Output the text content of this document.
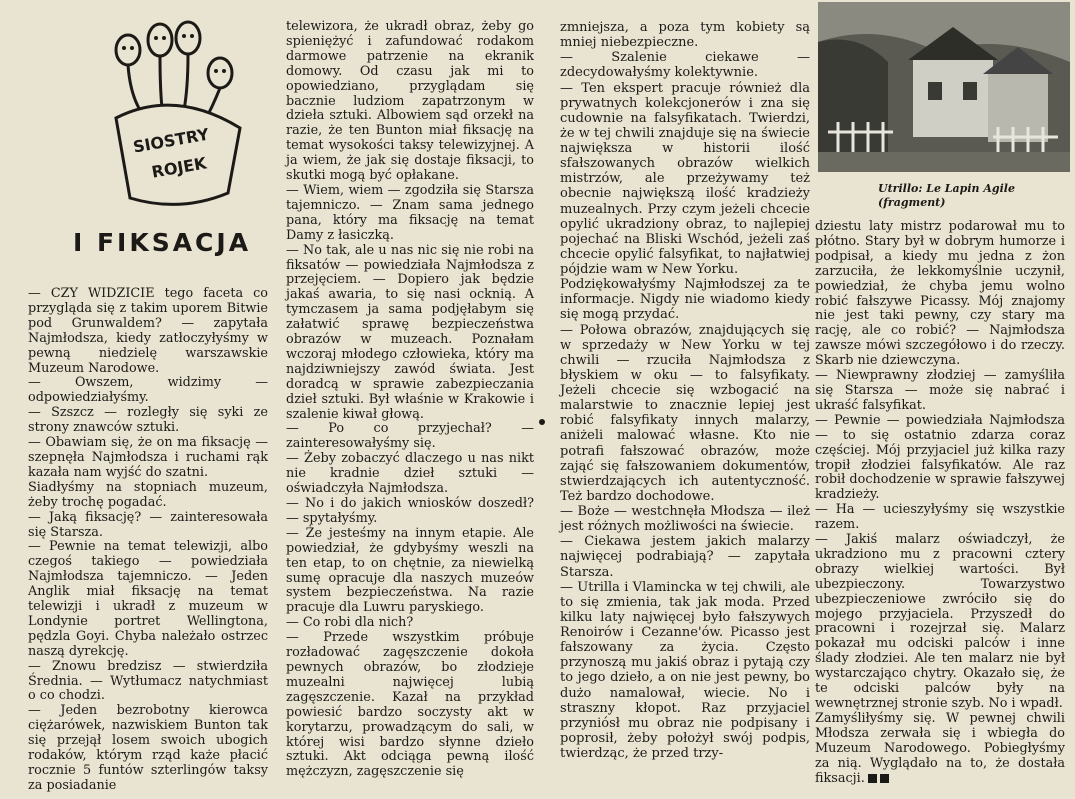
SIOSTRY
ROJEK
I FIKSACJA
Utrillo: Le Lapin Agile (fragment)

— CZY WIDZICIE tego faceta co przygląda się z takim uporem Bitwie pod Grunwaldem? — zapytała Najmłodsza, kiedy zatłoczyłyśmy w pewną niedzielę warszawskie Muzeum Narodowe.

— Owszem, widzimy — odpowiedziałyśmy.

— Szszcz — rozległy się syki ze strony znawców sztuki.

— Obawiam się, że on ma fiksację — szepnęła Najmłodsza i ruchami rąk kazała nam wyjść do szatni.

Siadłyśmy na stopniach muzeum, żeby trochę pogadać.

— Jaką fiksację? — zainteresowała się Starsza.

— Pewnie na temat telewizji, albo czegoś takiego — powiedziała Najmłodsza tajemniczo. — Jeden Anglik miał fiksację na temat telewizji i ukradł z muzeum w Londynie portret Wellingtona, pędzla Goyi. Chyba należało ostrzec naszą dyrekcję.

— Znowu bredzisz — stwierdziła Średnia. — Wytłumacz natychmiast o co chodzi.

— Jeden bezrobotny kierowca ciężarówek, nazwiskiem Bunton tak się przejął losem swoich ubogich rodaków, którym rząd każe płacić rocznie 5 funtów szterlingów taksy za posiadanie

telewizora, że ukradł obraz, żeby go spieniężyć i zafundować rodakom darmowe patrzenie na ekranik domowy. Od czasu jak mi to opowiedziano, przyglądam się bacznie ludziom zapatrzonym w dzieła sztuki. Albowiem sąd orzekł na razie, że ten Bunton miał fiksację na temat wysokości taksy telewizyjnej. A ja wiem, że jak się dostaje fiksacji, to skutki mogą być opłakane.

— Wiem, wiem — zgodziła się Starsza tajemniczo. — Znam sama jednego pana, który ma fiksację na temat Damy z łasiczką.

— No tak, ale u nas nic się nie robi na fiksatów — powiedziała Najmłodsza z przejęciem. — Dopiero jak będzie jakaś awaria, to się nasi ocknią. A tymczasem ja sama podjęłabym się załatwić sprawę bezpieczeństwa obrazów w muzeach. Poznałam wczoraj młodego człowieka, który ma najdziwniejszy zawód świata. Jest doradcą w sprawie zabezpieczania dzieł sztuki. Był właśnie w Krakowie i szalenie kiwał głową.

— Po co przyjechał? — zainteresowałyśmy się.

— Żeby zobaczyć dlaczego u nas nikt nie kradnie dzieł sztuki — oświadczyła Najmłodsza.

— No i do jakich wniosków doszedł? — spytałyśmy.

— Że jesteśmy na innym etapie. Ale powiedział, że gdybyśmy weszli na ten etap, to on chętnie, za niewielką sumę opracuje dla naszych muzeów system bezpieczeństwa. Na razie pracuje dla Luwru paryskiego.

— Co robi dla nich?

— Przede wszystkim próbuje rozładować zagęszczenie dokoła pewnych obrazów, bo złodzieje muzealni najwięcej lubią zagęszczenie. Kazał na przykład powiesić bardzo soczysty akt w korytarzu, prowadzącym do sali, w której wisi bardzo słynne dzieło sztuki. Akt odciąga pewną ilość mężczyzn, zagęszczenie się

zmniejsza, a poza tym kobiety są mniej niebezpieczne.

— Szalenie ciekawe — zdecydowałyśmy kolektywnie.

— Ten ekspert pracuje również dla prywatnych kolekcjonerów i zna się cudownie na falsyfikatach. Twierdzi, że w tej chwili znajduje się na świecie największa w historii ilość sfałszowanych obrazów wielkich mistrzów, ale przeżywamy też obecnie największą ilość kradzieży muzealnych. Przy czym jeżeli chcecie opylić ukradziony obraz, to najlepiej pojechać na Bliski Wschód, jeżeli zaś chcecie opylić falsyfikat, to najłatwiej pójdzie wam w New Yorku.

Podziękowałyśmy Najmłodszej za te informacje. Nigdy nie wiadomo kiedy się mogą przydać.

— Połowa obrazów, znajdujących się w sprzedaży w New Yorku w tej chwili — rzuciła Najmłodsza z błyskiem w oku — to falsyfikaty. Jeżeli chcecie się wzbogacić na malarstwie to znacznie lepiej jest robić falsyfikaty innych malarzy, aniżeli malować własne. Kto nie potrafi fałszować obrazów, może zająć się fałszowaniem dokumentów, stwierdzających ich autentyczność. Też bardzo dochodowe.

— Boże — westchnęła Młodsza — ileż jest różnych możliwości na świecie.

— Ciekawa jestem jakich malarzy najwięcej podrabiają? — zapytała Starsza.

— Utrilla i Vlamincka w tej chwili, ale to się zmienia, tak jak moda. Przed kilku laty najwięcej było fałszywych Renoirów i Cezanne'ów. Picasso jest fałszowany za życia. Często przynoszą mu jakiś obraz i pytają czy to jego dzieło, a on nie jest pewny, bo dużo namalował, wiecie. No i straszny kłopot. Raz przyjaciel przyniósł mu obraz nie podpisany i poprosił, żeby położył swój podpis, twierdząc, że przed trzy-

dziestu laty mistrz podarował mu to płótno. Stary był w dobrym humorze i podpisał, a kiedy mu jedna z żon zarzuciła, że lekkomyślnie uczynił, powiedział, że chyba jemu wolno robić fałszywe Picassy. Mój znajomy nie jest taki pewny, czy stary ma rację, ale co robić? — Najmłodsza zawsze mówi szczegółowo i do rzeczy. Skarb nie dziewczyna.

— Niewprawny złodziej — zamyśliła się Starsza — może się nabrać i ukraść falsyfikat.

— Pewnie — powiedziała Najmłodsza — to się ostatnio zdarza coraz częściej. Mój przyjaciel już kilka razy tropił złodziei falsyfikatów. Ale raz robił dochodzenie w sprawie fałszywej kradzieży.

— Ha — ucieszyłyśmy się wszystkie razem.

— Jakiś malarz oświadczył, że ukradziono mu z pracowni cztery obrazy wielkiej wartości. Był ubezpieczony. Towarzystwo ubezpieczeniowe zwróciło się do mojego przyjaciela. Przyszedł do pracowni i rozejrzał się. Malarz pokazał mu odciski palców i inne ślady złodziei. Ale ten malarz nie był wystarczająco chytry. Okazało się, że te odciski palców były na wewnętrznej stronie szyb. No i wpadł.

Zamyśliłyśmy się. W pewnej chwili Młodsza zerwała się i wbiegła do Muzeum Narodowego. Pobiegłyśmy za nią. Wyglądało na to, że dostała fiksacji.
